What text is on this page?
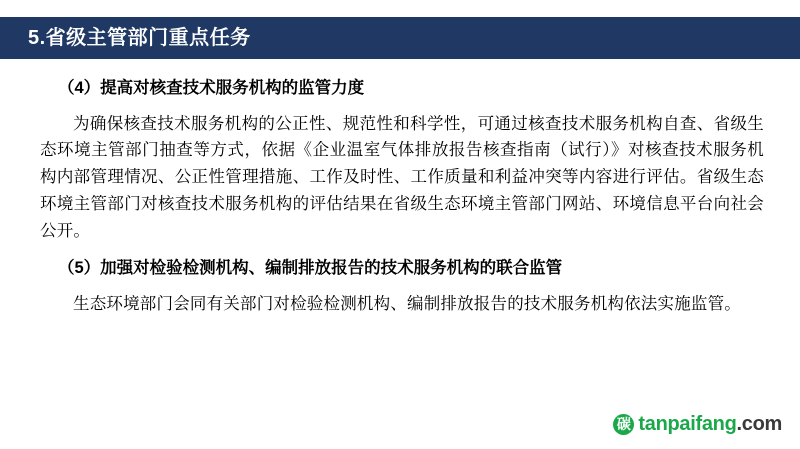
5.省级主管部门重点任务
（4）提高对核查技术服务机构的监管力度

为确保核查技术服务机构的公正性、规范性和科学性，可通过核查技术服务机构自查、省级生态环境主管部门抽查等方式，依据《企业温室气体排放报告核查指南（试行）》对核查技术服务机构内部管理情况、公正性管理措施、工作及时性、工作质量和利益冲突等内容进行评估。省级生态环境主管部门对核查技术服务机构的评估结果在省级生态环境主管部门网站、环境信息平台向社会公开。

（5）加强对检验检测机构、编制排放报告的技术服务机构的联合监管

生态环境部门会同有关部门对检验检测机构、编制排放报告的技术服务机构依法实施监管。

碳 tanpaifang.com
